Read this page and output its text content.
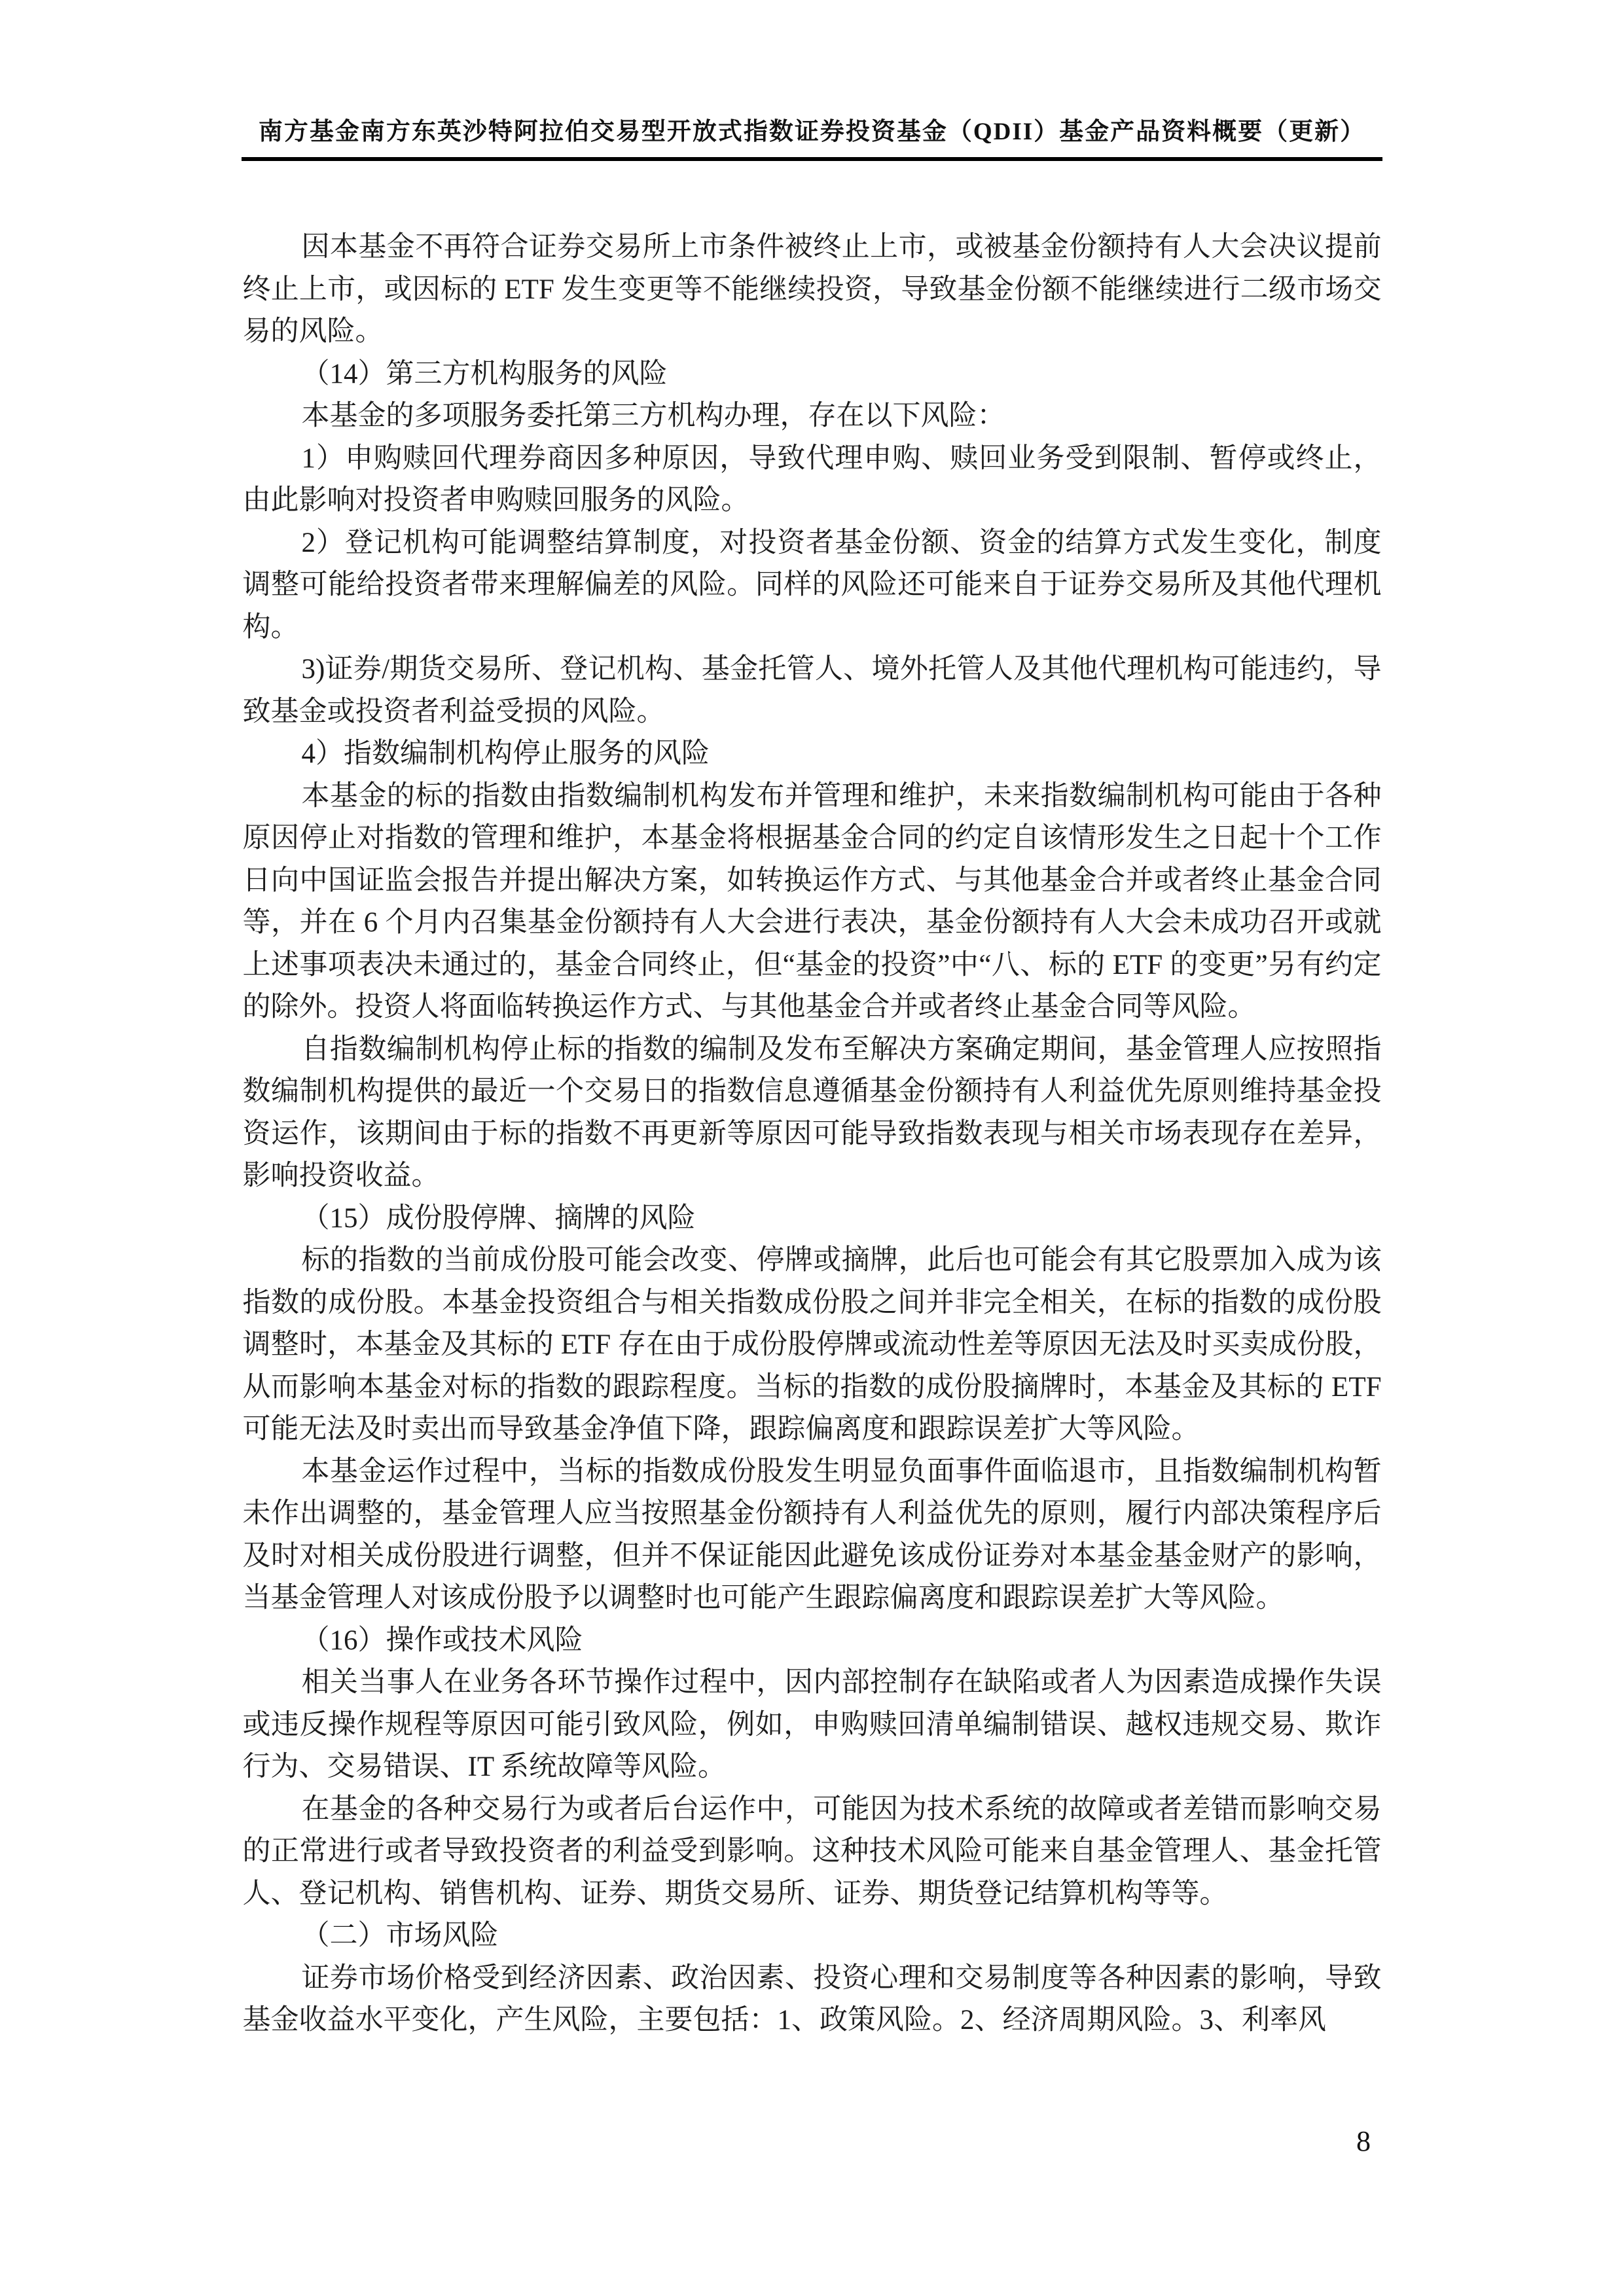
南方基金南方东英沙特阿拉伯交易型开放式指数证券投资基金（QDII）基金产品资料概要（更新）

因本基金不再符合证券交易所上市条件被终止上市，或被基金份额持有人大会决议提前终止上市，或因标的 ETF 发生变更等不能继续投资，导致基金份额不能继续进行二级市场交易的风险。

（14）第三方机构服务的风险

本基金的多项服务委托第三方机构办理，存在以下风险：

1）申购赎回代理券商因多种原因，导致代理申购、赎回业务受到限制、暂停或终止，由此影响对投资者申购赎回服务的风险。

2）登记机构可能调整结算制度，对投资者基金份额、资金的结算方式发生变化，制度调整可能给投资者带来理解偏差的风险。同样的风险还可能来自于证券交易所及其他代理机构。

3)证券/期货交易所、登记机构、基金托管人、境外托管人及其他代理机构可能违约，导致基金或投资者利益受损的风险。

4）指数编制机构停止服务的风险

本基金的标的指数由指数编制机构发布并管理和维护，未来指数编制机构可能由于各种原因停止对指数的管理和维护，本基金将根据基金合同的约定自该情形发生之日起十个工作日向中国证监会报告并提出解决方案，如转换运作方式、与其他基金合并或者终止基金合同等，并在 6 个月内召集基金份额持有人大会进行表决，基金份额持有人大会未成功召开或就上述事项表决未通过的，基金合同终止，但“基金的投资”中“八、标的 ETF 的变更”另有约定的除外。投资人将面临转换运作方式、与其他基金合并或者终止基金合同等风险。

自指数编制机构停止标的指数的编制及发布至解决方案确定期间，基金管理人应按照指数编制机构提供的最近一个交易日的指数信息遵循基金份额持有人利益优先原则维持基金投资运作，该期间由于标的指数不再更新等原因可能导致指数表现与相关市场表现存在差异，影响投资收益。

（15）成份股停牌、摘牌的风险

标的指数的当前成份股可能会改变、停牌或摘牌，此后也可能会有其它股票加入成为该指数的成份股。本基金投资组合与相关指数成份股之间并非完全相关，在标的指数的成份股调整时，本基金及其标的 ETF 存在由于成份股停牌或流动性差等原因无法及时买卖成份股，从而影响本基金对标的指数的跟踪程度。当标的指数的成份股摘牌时，本基金及其标的 ETF 可能无法及时卖出而导致基金净值下降，跟踪偏离度和跟踪误差扩大等风险。

本基金运作过程中，当标的指数成份股发生明显负面事件面临退市，且指数编制机构暂未作出调整的，基金管理人应当按照基金份额持有人利益优先的原则，履行内部决策程序后及时对相关成份股进行调整，但并不保证能因此避免该成份证券对本基金基金财产的影响，当基金管理人对该成份股予以调整时也可能产生跟踪偏离度和跟踪误差扩大等风险。

（16）操作或技术风险

相关当事人在业务各环节操作过程中，因内部控制存在缺陷或者人为因素造成操作失误或违反操作规程等原因可能引致风险，例如，申购赎回清单编制错误、越权违规交易、欺诈行为、交易错误、IT 系统故障等风险。

在基金的各种交易行为或者后台运作中，可能因为技术系统的故障或者差错而影响交易的正常进行或者导致投资者的利益受到影响。这种技术风险可能来自基金管理人、基金托管人、登记机构、销售机构、证券、期货交易所、证券、期货登记结算机构等等。

（二）市场风险

证券市场价格受到经济因素、政治因素、投资心理和交易制度等各种因素的影响，导致基金收益水平变化，产生风险，主要包括：1、政策风险。2、经济周期风险。3、利率风

8
